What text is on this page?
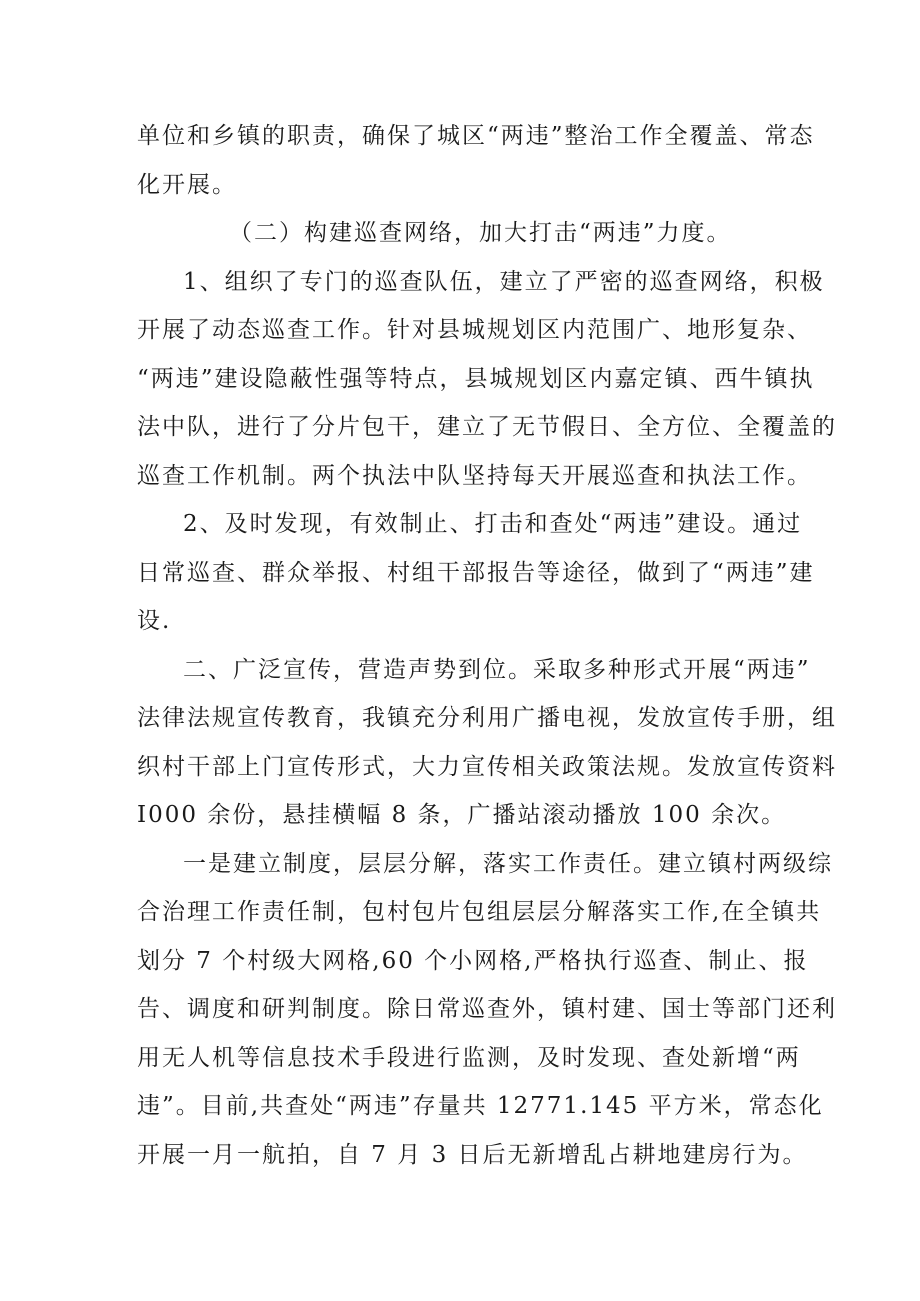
单位和乡镇的职责，确保了城区“两违”整治工作全覆盖、常态
化开展。
（二）构建巡查网络，加大打击“两违”力度。
1、组织了专门的巡查队伍，建立了严密的巡查网络，积极
开展了动态巡查工作。针对县城规划区内范围广、地形复杂、
“两违”建设隐蔽性强等特点，县城规划区内嘉定镇、西牛镇执
法中队，进行了分片包干，建立了无节假日、全方位、全覆盖的
巡查工作机制。两个执法中队坚持每天开展巡查和执法工作。
2、及时发现，有效制止、打击和查处“两违”建设。通过
日常巡查、群众举报、村组干部报告等途径，做到了“两违”建
设.
二、广泛宣传，营造声势到位。采取多种形式开展“两违”
法律法规宣传教育，我镇充分利用广播电视，发放宣传手册，组
织村干部上门宣传形式，大力宣传相关政策法规。发放宣传资料
I000 余份，悬挂横幅 8 条，广播站滚动播放 100 余次。
一是建立制度，层层分解，落实工作责任。建立镇村两级综
合治理工作责任制，包村包片包组层层分解落实工作,在全镇共
划分 7 个村级大网格,60 个小网格,严格执行巡查、制止、报
告、调度和研判制度。除日常巡查外，镇村建、国士等部门还利
用无人机等信息技术手段进行监测，及时发现、查处新增“两
违”。目前,共查处“两违”存量共 12771.145 平方米，常态化
开展一月一航拍，自 7 月 3 日后无新增乱占耕地建房行为。
